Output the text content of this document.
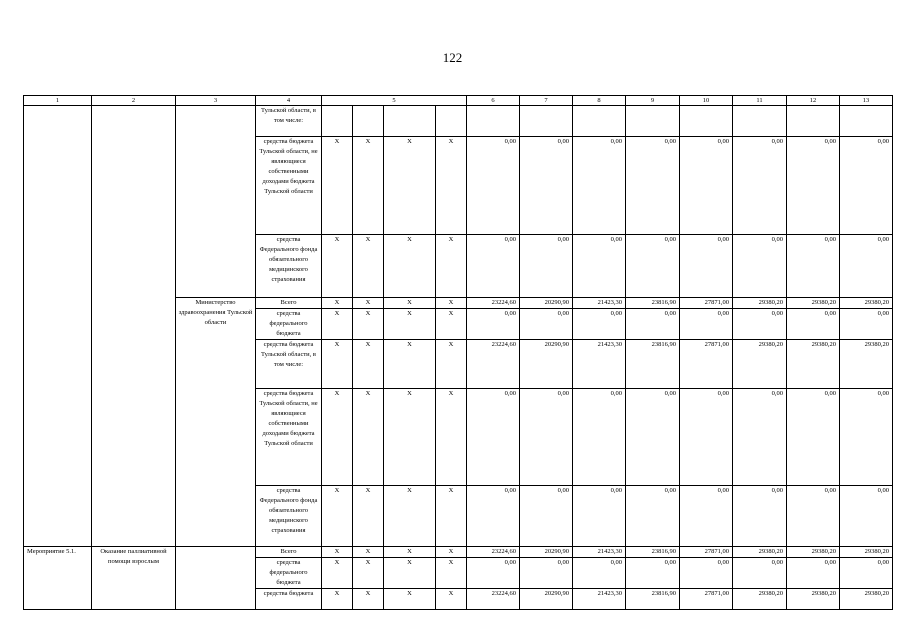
122
1	2	3	4	5				6	7	8	9	10	11	12	13
			Тульской области, в том числе:												
			средства бюджета Тульской области, не являющиеся собственными доходами бюджета Тульской области	X	X	X	X	0,00	0,00	0,00	0,00	0,00	0,00	0,00	0,00
			средства Федерального фонда обязательного медицинского страхования	X	X	X	X	0,00	0,00	0,00	0,00	0,00	0,00	0,00	0,00
		Министерство здравоохранения Тульской области	Всего	X	X	X	X	23224,60	20290,90	21423,30	23816,90	27871,00	29380,20	29380,20	29380,20
			средства федерального бюджета	X	X	X	X	0,00	0,00	0,00	0,00	0,00	0,00	0,00	0,00
			средства бюджета Тульской области, в том числе:	X	X	X	X	23224,60	20290,90	21423,30	23816,90	27871,00	29380,20	29380,20	29380,20
			средства бюджета Тульской области, не являющиеся собственными доходами бюджета Тульской области	X	X	X	X	0,00	0,00	0,00	0,00	0,00	0,00	0,00	0,00
			средства Федерального фонда обязательного медицинского страхования	X	X	X	X	0,00	0,00	0,00	0,00	0,00	0,00	0,00	0,00
Мероприятие 5.1.	Оказание паллиативной помощи взрослым		Всего	X	X	X	X	23224,60	20290,90	21423,30	23816,90	27871,00	29380,20	29380,20	29380,20
			средства федерального бюджета	X	X	X	X	0,00	0,00	0,00	0,00	0,00	0,00	0,00	0,00
			средства бюджета	X	X	X	X	23224,60	20290,90	21423,30	23816,90	27871,00	29380,20	29380,20	29380,20
